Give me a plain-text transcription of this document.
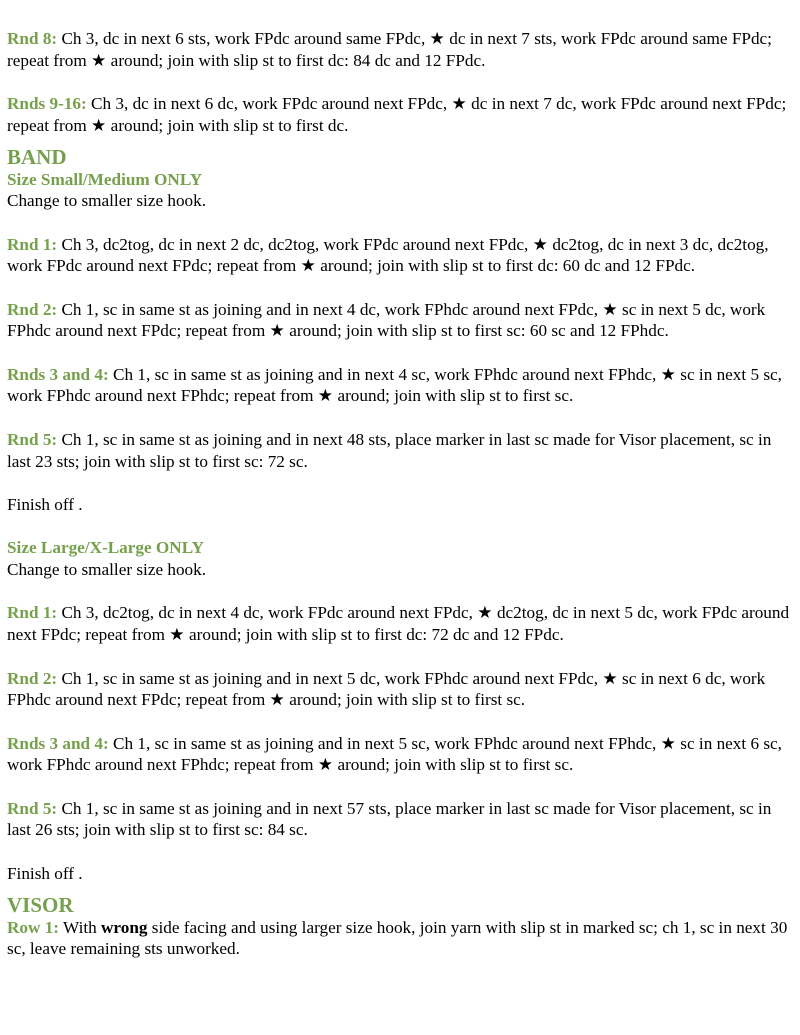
Rnd 8: Ch 3, dc in next 6 sts, work FPdc around same FPdc, ★ dc in next 7 sts, work FPdc around same FPdc; repeat from ★ around; join with slip st to first dc: 84 dc and 12 FPdc.

Rnds 9-16: Ch 3, dc in next 6 dc, work FPdc around next FPdc, ★ dc in next 7 dc, work FPdc around next FPdc; repeat from ★ around; join with slip st to first dc.

BAND
Size Small/Medium ONLY

Change to smaller size hook.

Rnd 1: Ch 3, dc2tog, dc in next 2 dc, dc2tog, work FPdc around next FPdc, ★ dc2tog, dc in next 3 dc, dc2tog, work FPdc around next FPdc; repeat from ★ around; join with slip st to first dc: 60 dc and 12 FPdc.

Rnd 2: Ch 1, sc in same st as joining and in next 4 dc, work FPhdc around next FPdc, ★ sc in next 5 dc, work FPhdc around next FPdc; repeat from ★ around; join with slip st to first sc: 60 sc and 12 FPhdc.

Rnds 3 and 4: Ch 1, sc in same st as joining and in next 4 sc, work FPhdc around next FPhdc, ★ sc in next 5 sc, work FPhdc around next FPhdc; repeat from ★ around; join with slip st to first sc.

Rnd 5: Ch 1, sc in same st as joining and in next 48 sts, place marker in last sc made for Visor placement, sc in last 23 sts; join with slip st to first sc: 72 sc.

Finish off .

Size Large/X-Large ONLY

Change to smaller size hook.

Rnd 1: Ch 3, dc2tog, dc in next 4 dc, work FPdc around next FPdc, ★ dc2tog, dc in next 5 dc, work FPdc around next FPdc; repeat from ★ around; join with slip st to first dc: 72 dc and 12 FPdc.

Rnd 2: Ch 1, sc in same st as joining and in next 5 dc, work FPhdc around next FPdc, ★ sc in next 6 dc, work FPhdc around next FPdc; repeat from ★ around; join with slip st to first sc.

Rnds 3 and 4: Ch 1, sc in same st as joining and in next 5 sc, work FPhdc around next FPhdc, ★ sc in next 6 sc, work FPhdc around next FPhdc; repeat from ★ around; join with slip st to first sc.

Rnd 5: Ch 1, sc in same st as joining and in next 57 sts, place marker in last sc made for Visor placement, sc in last 26 sts; join with slip st to first sc: 84 sc.

Finish off .

VISOR

Row 1: With wrong side facing and using larger size hook, join yarn with slip st in marked sc; ch 1, sc in next 30 sc, leave remaining sts unworked.
